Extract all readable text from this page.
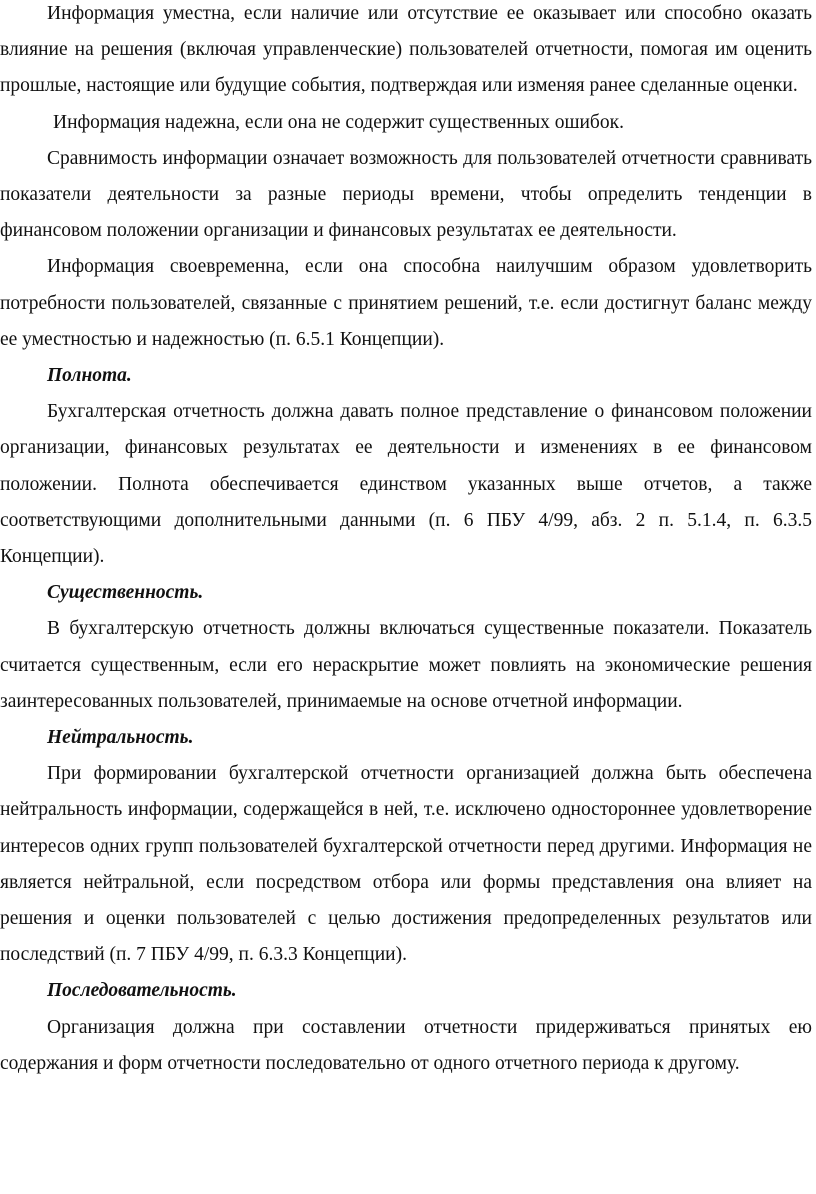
Информация уместна, если наличие или отсутствие ее оказывает или способно оказать влияние на решения (включая управленческие) пользователей отчетности, помогая им оценить прошлые, настоящие или будущие события, подтверждая или изменяя ранее сделанные оценки.

Информация надежна, если она не содержит существенных ошибок.

Сравнимость информации означает возможность для пользователей отчетности сравнивать показатели деятельности за разные периоды времени, чтобы определить тенденции в финансовом положении организации и финансовых результатах ее деятельности.

Информация своевременна, если она способна наилучшим образом удовлетворить потребности пользователей, связанные с принятием решений, т.е. если достигнут баланс между ее уместностью и надежностью (п. 6.5.1 Концепции).

Полнота.

Бухгалтерская отчетность должна давать полное представление о финансовом положении организации, финансовых результатах ее деятельности и изменениях в ее финансовом положении. Полнота обеспечивается единством указанных выше отчетов, а также соответствующими дополнительными данными (п. 6 ПБУ 4/99, абз. 2 п. 5.1.4, п. 6.3.5 Концепции).

Существенность.

В бухгалтерскую отчетность должны включаться существенные показатели. Показатель считается существенным, если его нераскрытие может повлиять на экономические решения заинтересованных пользователей, принимаемые на основе отчетной информации.

Нейтральность.

При формировании бухгалтерской отчетности организацией должна быть обеспечена нейтральность информации, содержащейся в ней, т.е. исключено одностороннее удовлетворение интересов одних групп пользователей бухгалтерской отчетности перед другими. Информация не является нейтральной, если посредством отбора или формы представления она влияет на решения и оценки пользователей с целью достижения предопределенных результатов или последствий (п. 7 ПБУ 4/99, п. 6.3.3 Концепции).

Последовательность.

Организация должна при составлении отчетности придерживаться принятых ею содержания и форм отчетности последовательно от одного отчетного периода к другому.
